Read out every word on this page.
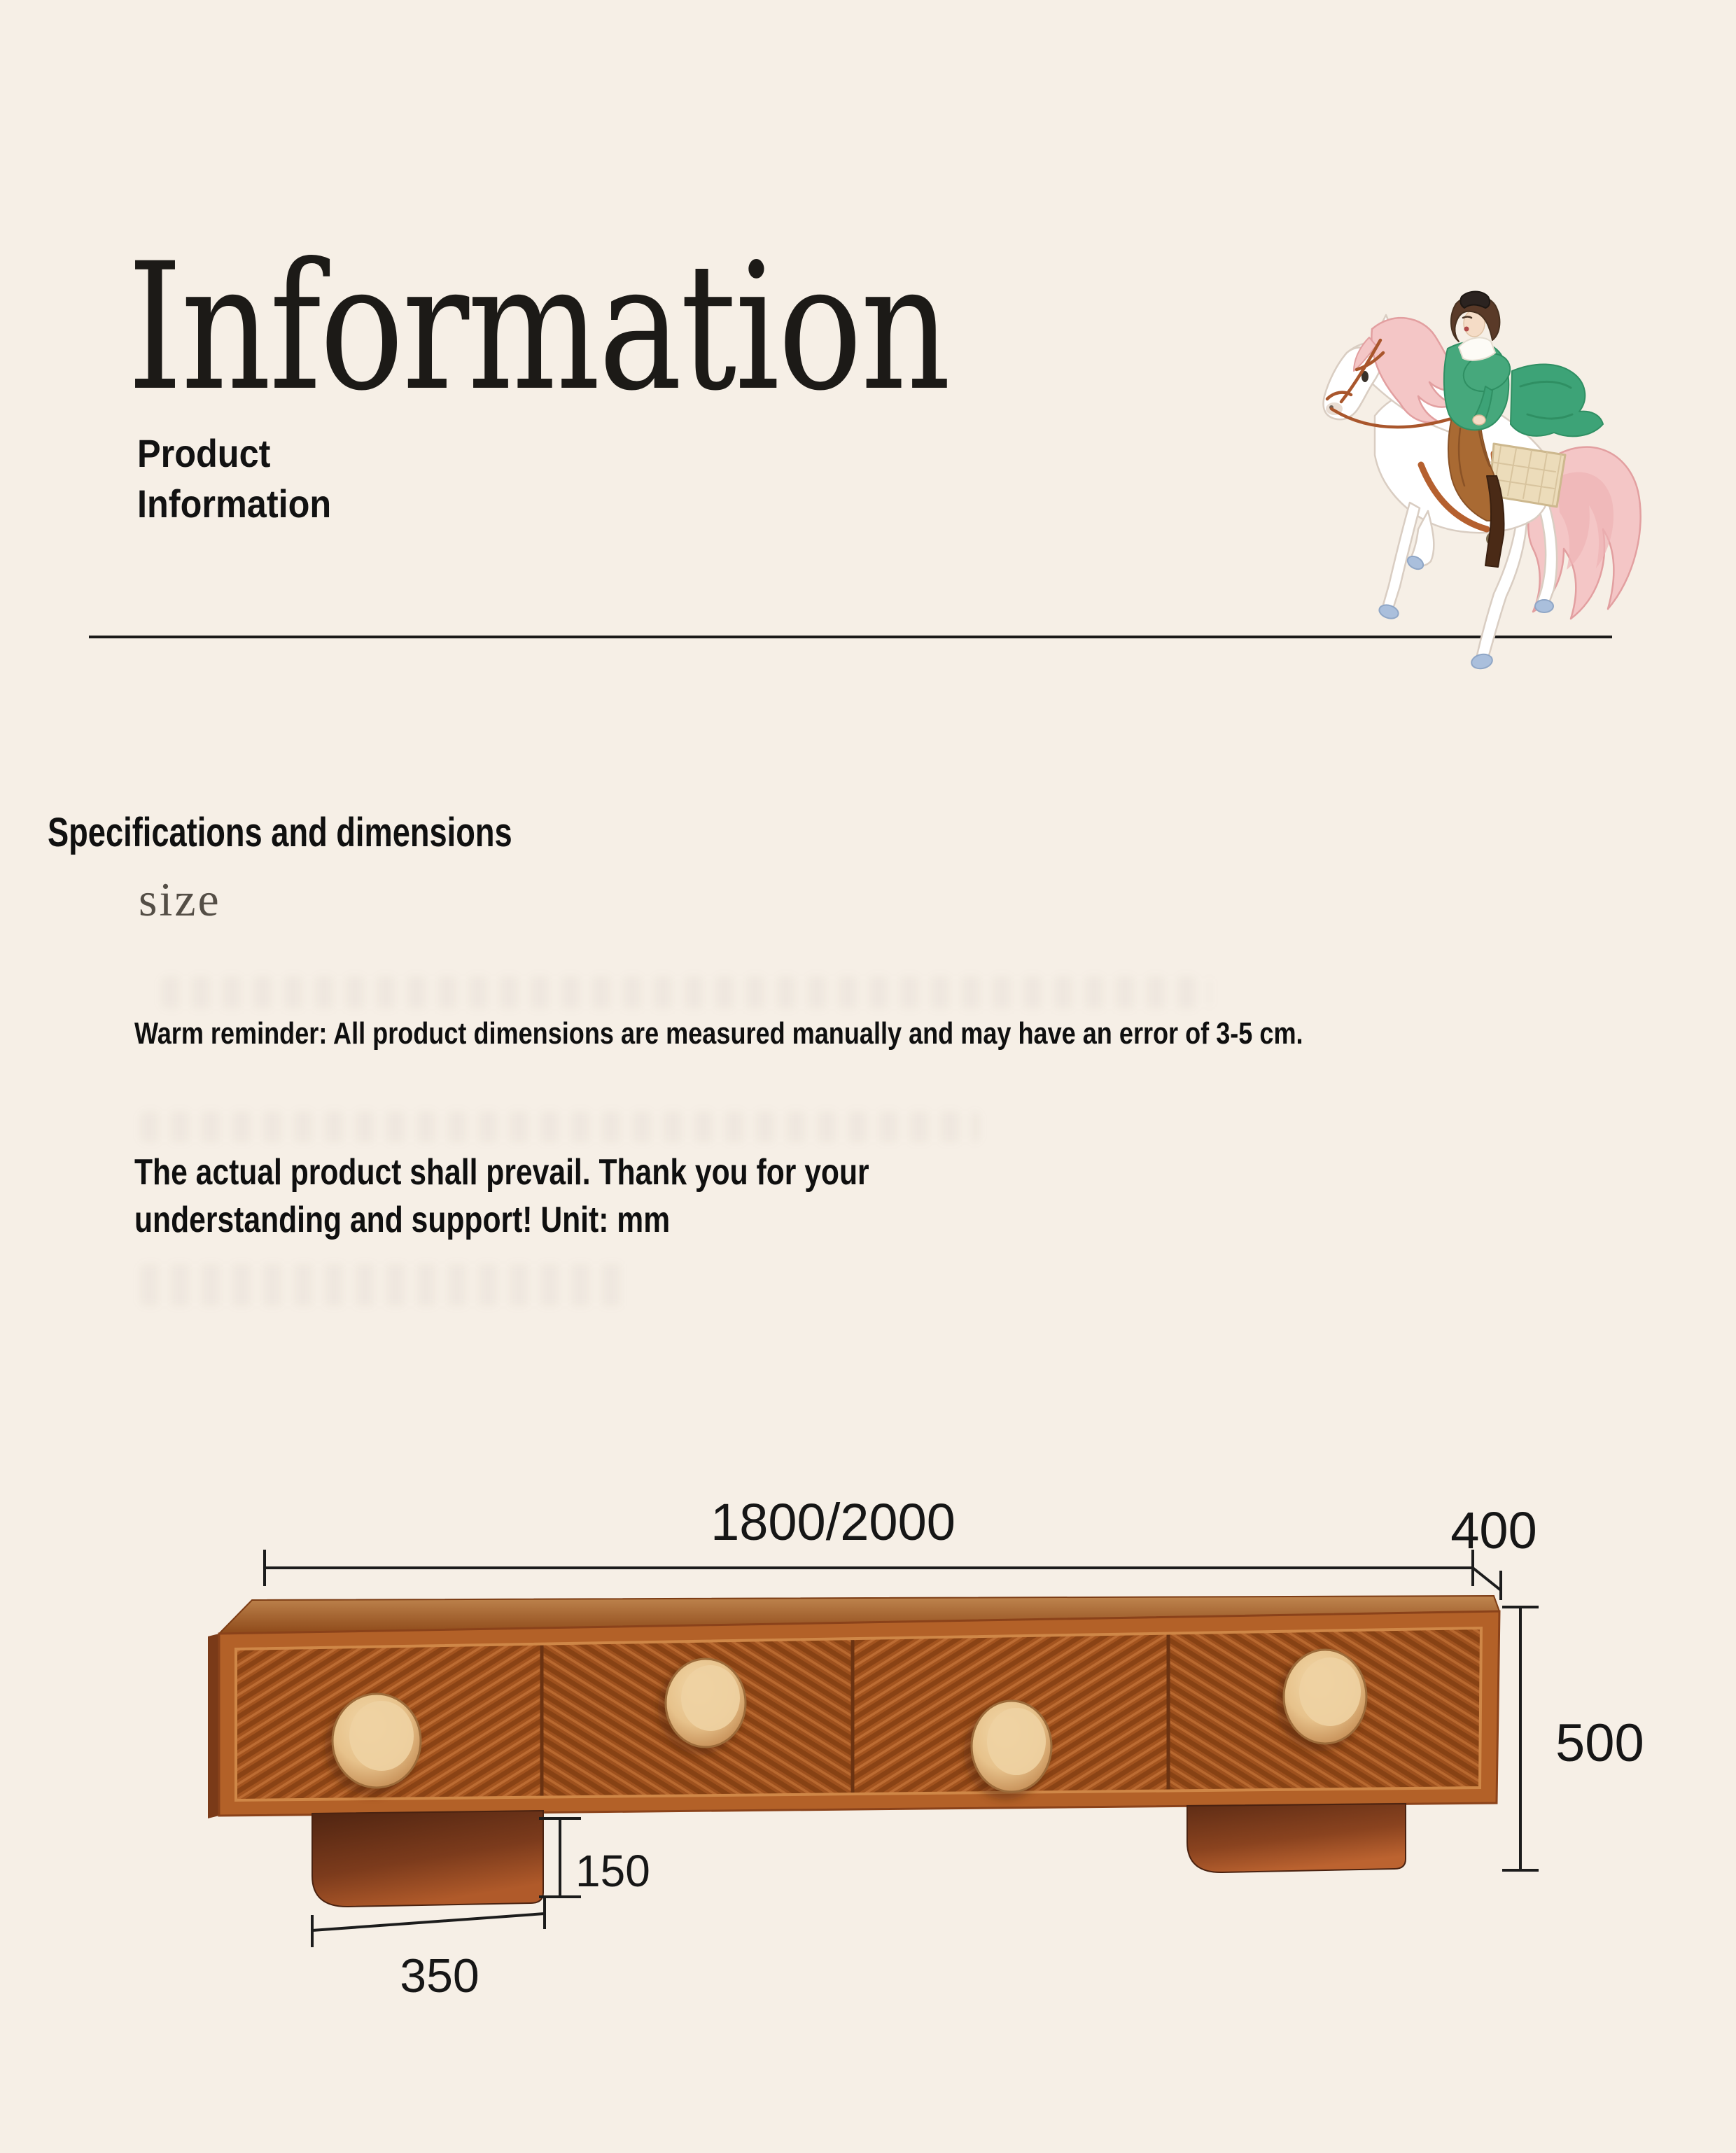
Information
Product
Information
Specifications and dimensions
size
Warm reminder: All product dimensions are measured manually and may have an error of 3-5 cm.
The actual product shall prevail. Thank you for your
understanding and support! Unit: mm
1800/2000	400
500
150
350
